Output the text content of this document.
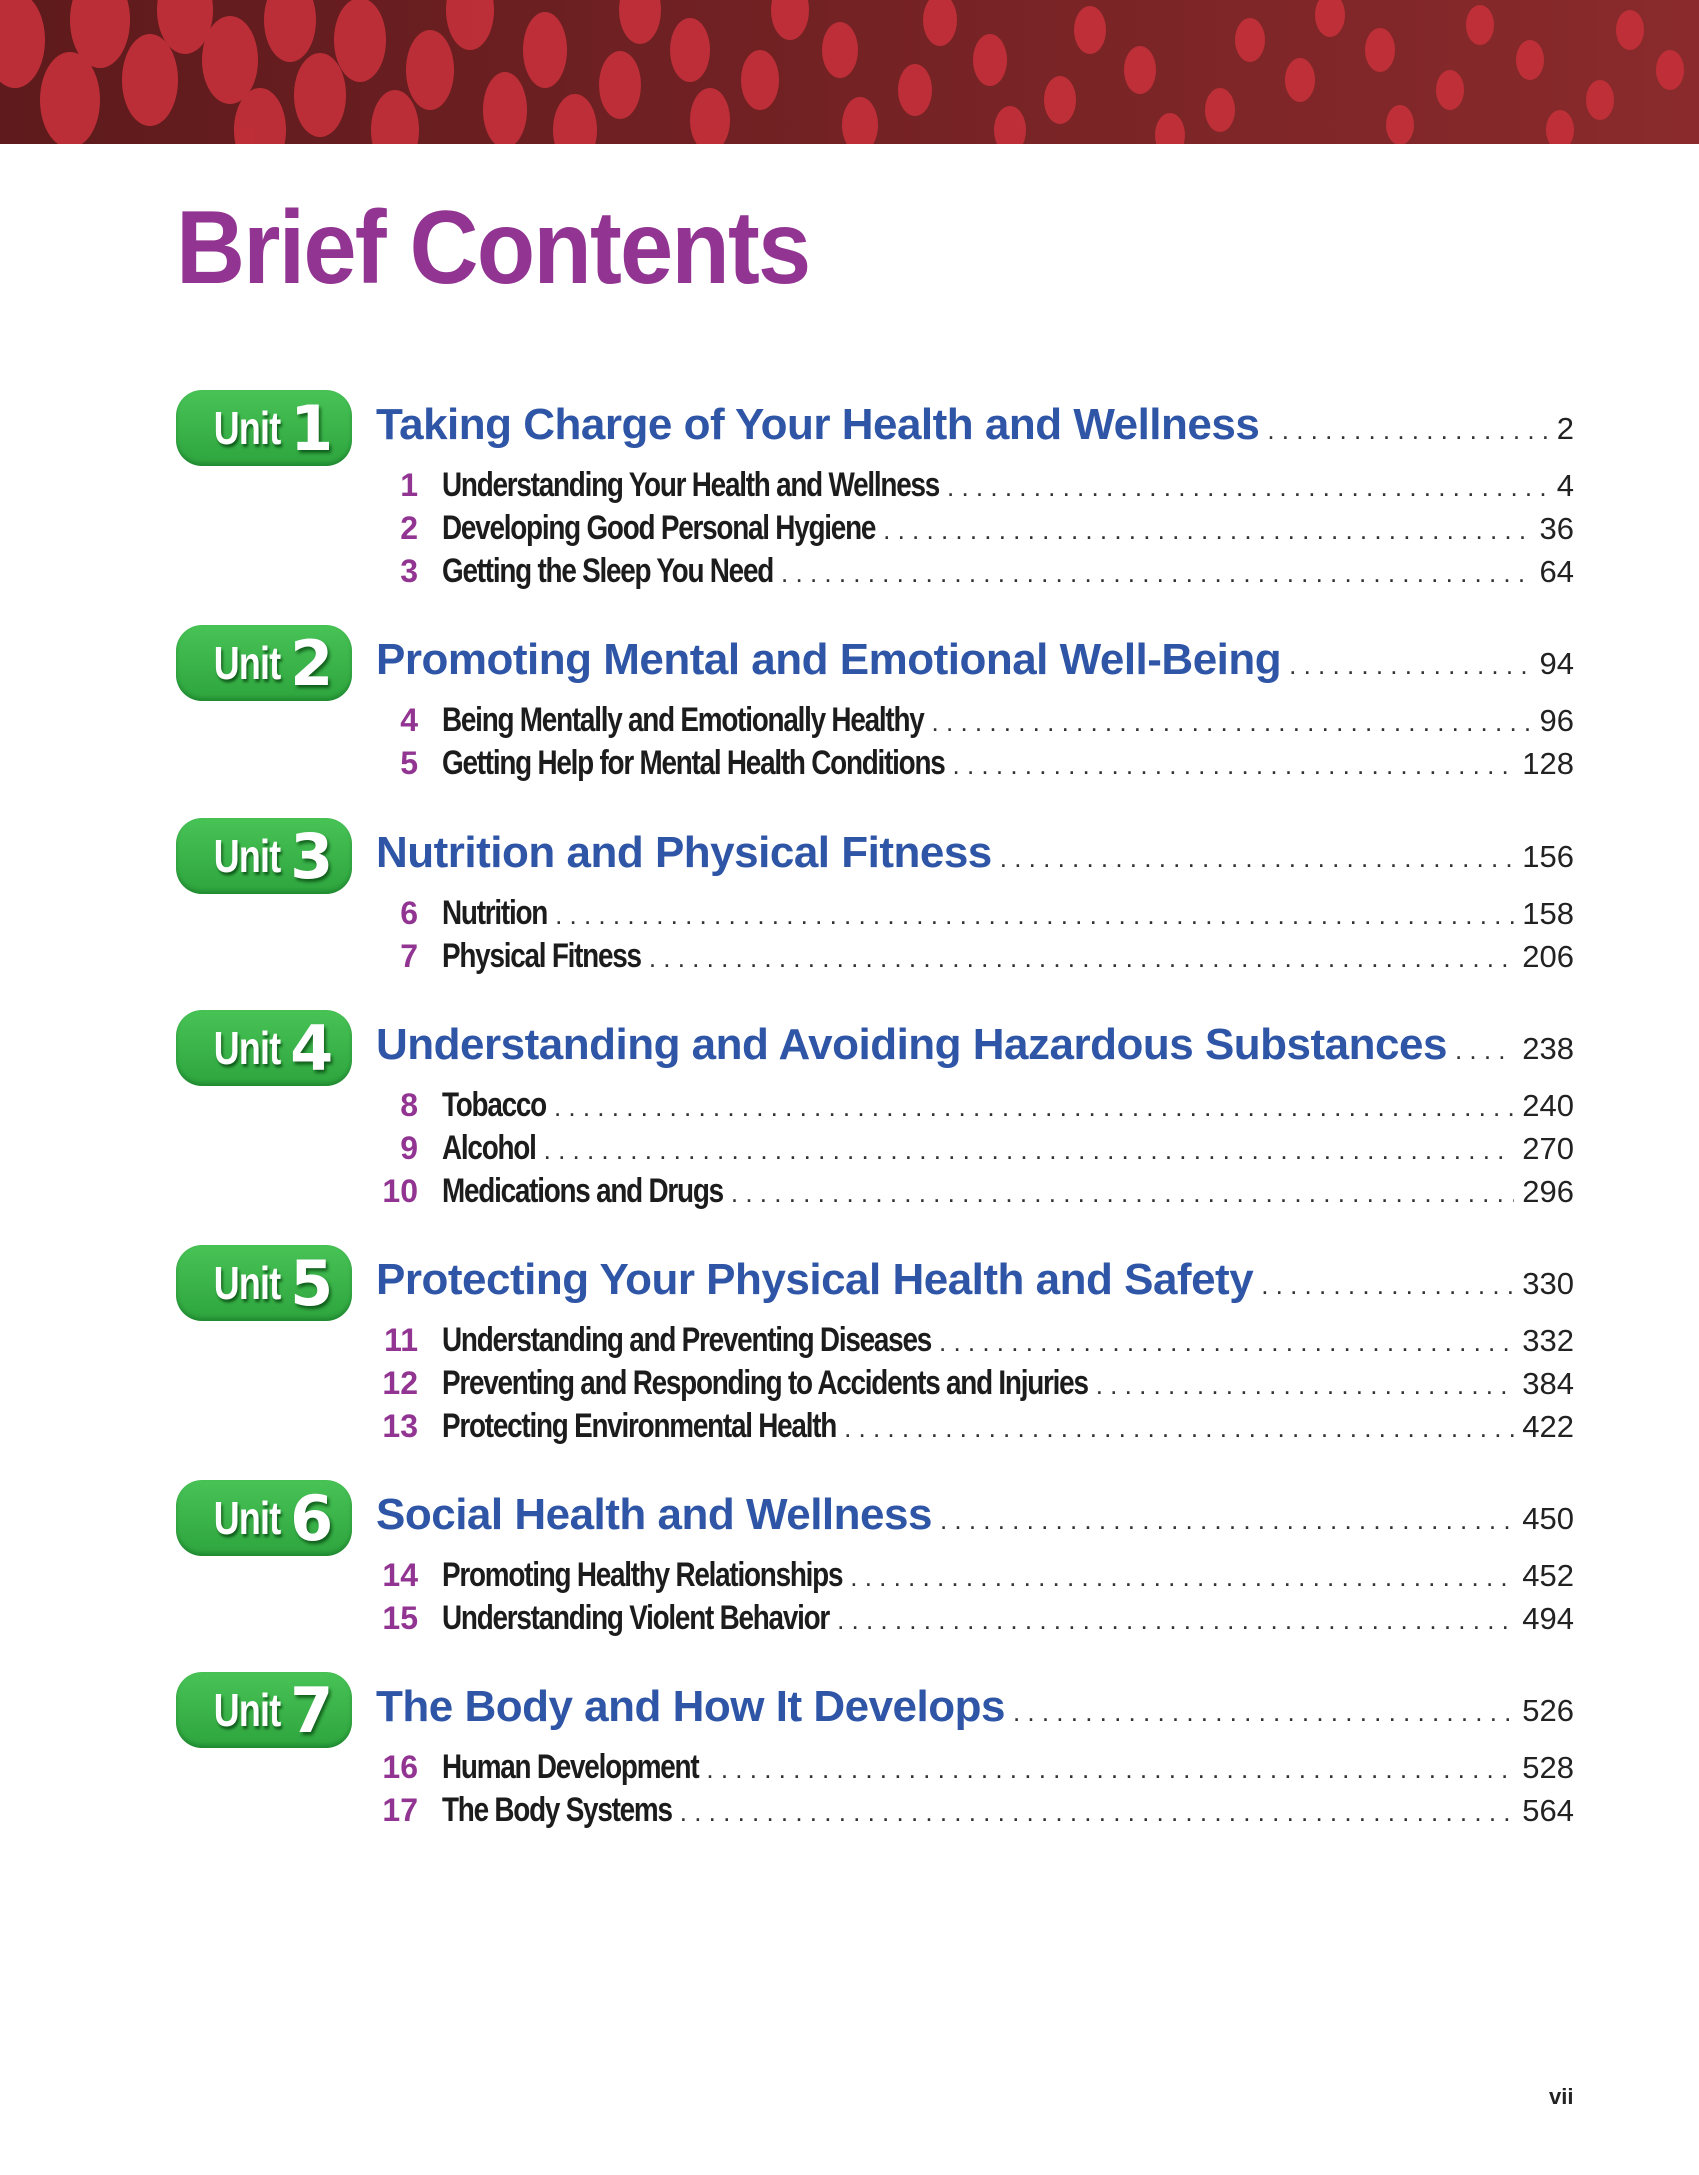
Brief Contents
Unit 1 Taking Charge of Your Health and Wellness . . .	2
1 Understanding Your Health and Wellness . . .	4
2 Developing Good Personal Hygiene . . .	36
3 Getting the Sleep You Need . . .	64
Unit 2 Promoting Mental and Emotional Well-Being . . .	94
4 Being Mentally and Emotionally Healthy . . .	96
5 Getting Help for Mental Health Conditions . . .	128
Unit 3 Nutrition and Physical Fitness . . .	156
6 Nutrition . . .	158
7 Physical Fitness . . .	206
Unit 4 Understanding and Avoiding Hazardous Substances . . . 238
8 Tobacco . . .	240
9 Alcohol . . .	270
10 Medications and Drugs . . .	296
Unit 5 Protecting Your Physical Health and Safety . . .	330
11 Understanding and Preventing Diseases . . .	332
12 Preventing and Responding to Accidents and Injuries . . .	384
13 Protecting Environmental Health . . .	422
Unit 6 Social Health and Wellness . . .	450
14 Promoting Healthy Relationships . . .	452
15 Understanding Violent Behavior . . .	494
Unit 7 The Body and How It Develops . . .	526
16 Human Development . . .	528
17 The Body Systems . . .	564
vii
